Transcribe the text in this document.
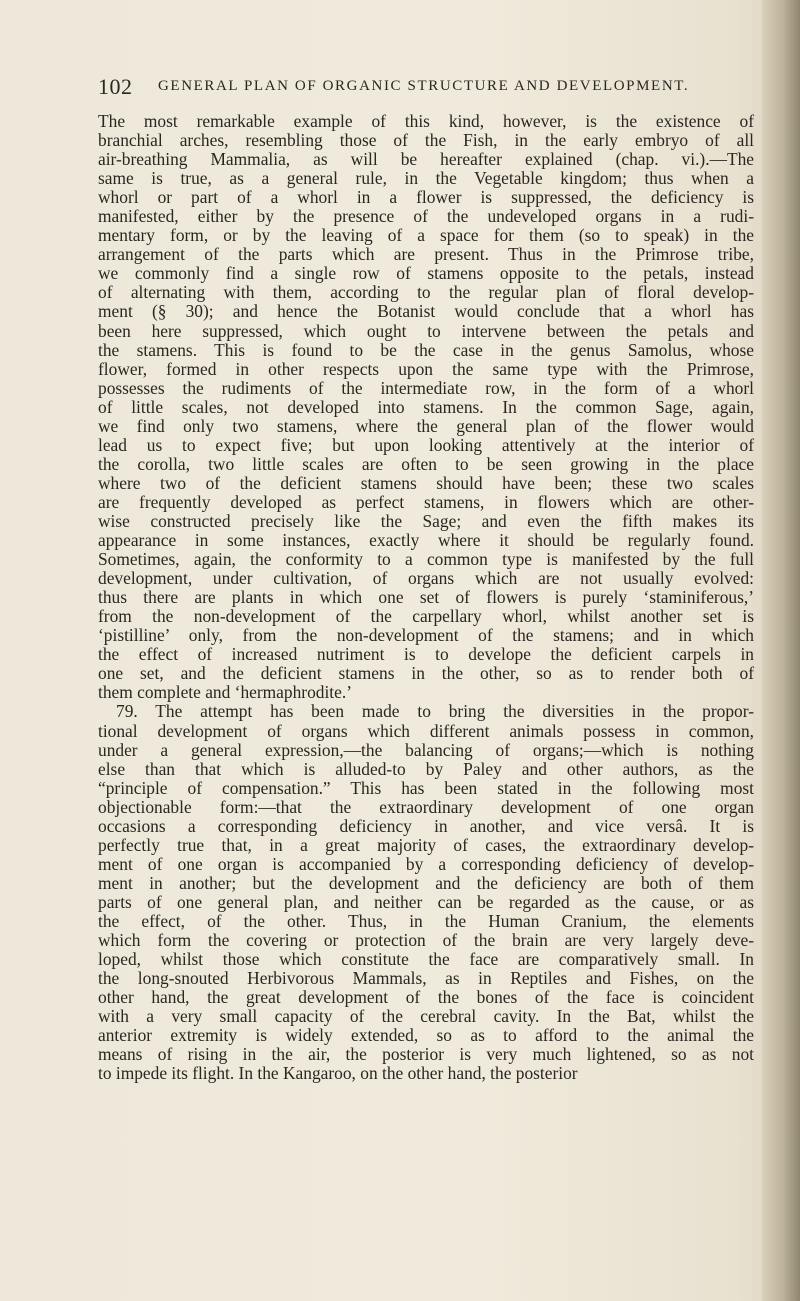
102 GENERAL PLAN OF ORGANIC STRUCTURE AND DEVELOPMENT.
The most remarkable example of this kind, however, is the existence of
branchial arches, resembling those of the Fish, in the early embryo of all
air-breathing Mammalia, as will be hereafter explained (chap. vi.).—The
same is true, as a general rule, in the Vegetable kingdom; thus when a
whorl or part of a whorl in a flower is suppressed, the deficiency is
manifested, either by the presence of the undeveloped organs in a rudi-
mentary form, or by the leaving of a space for them (so to speak) in the
arrangement of the parts which are present. Thus in the Primrose tribe,
we commonly find a single row of stamens opposite to the petals, instead
of alternating with them, according to the regular plan of floral develop-
ment (§ 30); and hence the Botanist would conclude that a whorl has
been here suppressed, which ought to intervene between the petals and
the stamens. This is found to be the case in the genus Samolus, whose
flower, formed in other respects upon the same type with the Primrose,
possesses the rudiments of the intermediate row, in the form of a whorl
of little scales, not developed into stamens. In the common Sage, again,
we find only two stamens, where the general plan of the flower would
lead us to expect five; but upon looking attentively at the interior of
the corolla, two little scales are often to be seen growing in the place
where two of the deficient stamens should have been; these two scales
are frequently developed as perfect stamens, in flowers which are other-
wise constructed precisely like the Sage; and even the fifth makes its
appearance in some instances, exactly where it should be regularly found.
Sometimes, again, the conformity to a common type is manifested by the full
development, under cultivation, of organs which are not usually evolved:
thus there are plants in which one set of flowers is purely ‘staminiferous,’
from the non-development of the carpellary whorl, whilst another set is
‘pistilline’ only, from the non-development of the stamens; and in which
the effect of increased nutriment is to develope the deficient carpels in
one set, and the deficient stamens in the other, so as to render both of
them complete and ‘hermaphrodite.’
79. The attempt has been made to bring the diversities in the propor-
tional development of organs which different animals possess in common,
under a general expression,—the balancing of organs;—which is nothing
else than that which is alluded-to by Paley and other authors, as the
“principle of compensation.” This has been stated in the following most
objectionable form:—that the extraordinary development of one organ
occasions a corresponding deficiency in another, and vice versâ. It is
perfectly true that, in a great majority of cases, the extraordinary develop-
ment of one organ is accompanied by a corresponding deficiency of develop-
ment in another; but the development and the deficiency are both of them
parts of one general plan, and neither can be regarded as the cause, or as
the effect, of the other. Thus, in the Human Cranium, the elements
which form the covering or protection of the brain are very largely deve-
loped, whilst those which constitute the face are comparatively small. In
the long-snouted Herbivorous Mammals, as in Reptiles and Fishes, on the
other hand, the great development of the bones of the face is coincident
with a very small capacity of the cerebral cavity. In the Bat, whilst the
anterior extremity is widely extended, so as to afford to the animal the
means of rising in the air, the posterior is very much lightened, so as not
to impede its flight. In the Kangaroo, on the other hand, the posterior
